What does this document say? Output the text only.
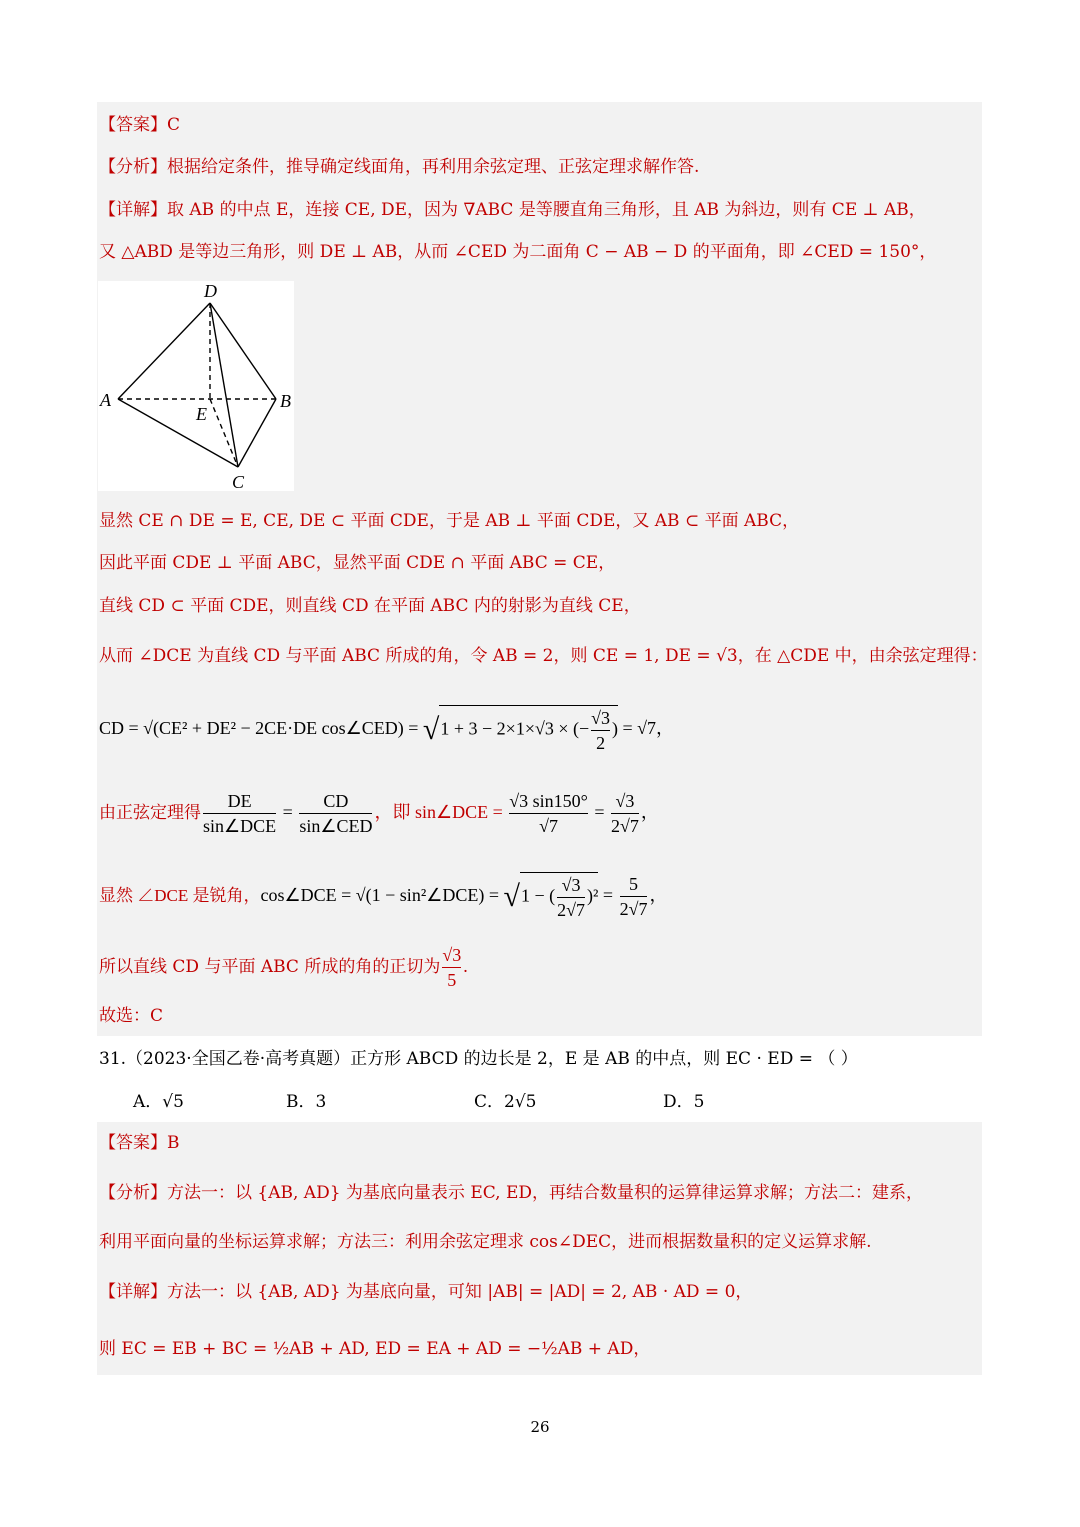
【答案】C
【分析】根据给定条件，推导确定线面角，再利用余弦定理、正弦定理求解作答.
【详解】取 AB 的中点 E，连接 CE, DE，因为 ∇ABC 是等腰直角三角形，且 AB 为斜边，则有 CE ⊥ AB，
又 △ABD 是等边三角形，则 DE ⊥ AB，从而 ∠CED 为二面角 C − AB − D 的平面角，即 ∠CED = 150°，
D
A	B
E
C
显然 CE ∩ DE = E, CE, DE ⊂ 平面 CDE，于是 AB ⊥ 平面 CDE，又 AB ⊂ 平面 ABC，
因此平面 CDE ⊥ 平面 ABC，显然平面 CDE ∩ 平面 ABC = CE，
直线 CD ⊂ 平面 CDE，则直线 CD 在平面 ABC 内的射影为直线 CE，
从而 ∠DCE 为直线 CD 与平面 ABC 所成的角，令 AB = 2，则 CE = 1, DE = √3，在 △CDE 中，由余弦定理得：
CD = √(CE² + DE² − 2CE·DE cos∠CED) = √1 + 3 − 2×1×√3 × (− $\frac{√3}{2}$ ) = √7，
由正弦定理得 $\frac{DE}{\text{sin∠DCE}} = \frac{CD}{\text{sin∠CED}}$ ，即 sin∠DCE = $\frac{√3 \sin 150^\circ}{√7} = \frac{√3}{2√7}$ ，
显然 ∠DCE 是锐角，cos∠DCE = √(1 − sin²∠DCE) = √1 − ( $\frac{√3}{2√7} )^2 = \frac{5}{2√7}$ ，
所以直线 CD 与平面 ABC 所成的角的正切为 $\frac{√3}{5}$ .
故选：C
31.（2023·全国乙卷·高考真题）正方形 ABCD 的边长是 2，E 是 AB 的中点，则 EC · ED = （ ）
A．√5	B．3	C．2√5	D．5
【答案】B
【分析】方法一：以 {AB, AD} 为基底向量表示 EC, ED，再结合数量积的运算律运算求解；方法二：建系，
利用平面向量的坐标运算求解；方法三：利用余弦定理求 cos∠DEC，进而根据数量积的定义运算求解.
【详解】方法一：以 {AB, AD} 为基底向量，可知 |AB| = |AD| = 2, AB · AD = 0，
则 EC = EB + BC = ½AB + AD, ED = EA + AD = −½AB + AD，
26
